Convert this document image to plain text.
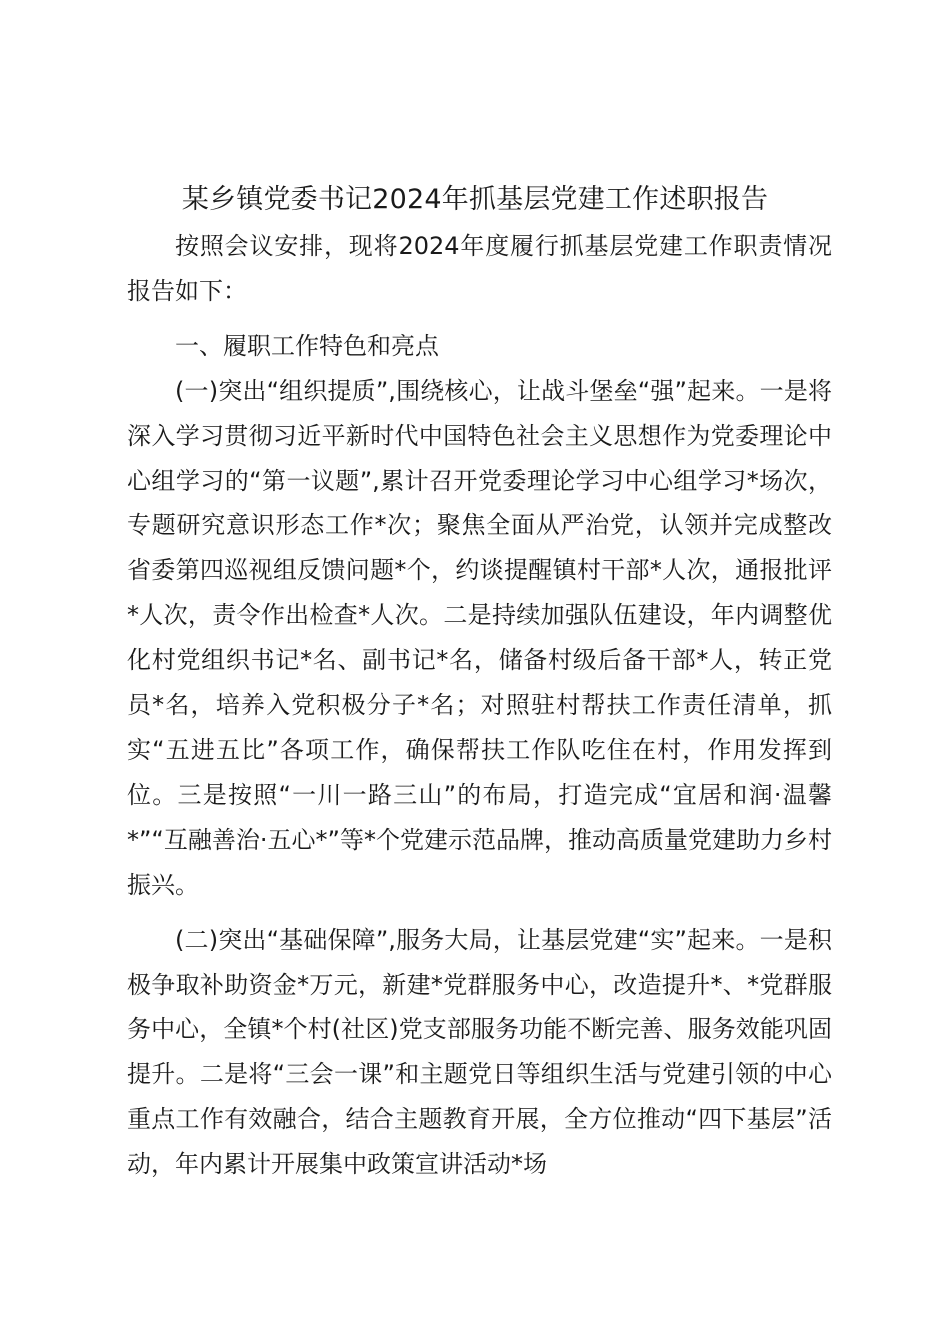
某乡镇党委书记2024年抓基层党建工作述职报告

按照会议安排，现将2024年度履行抓基层党建工作职责情况报告如下：

一、履职工作特色和亮点

(一)突出“组织提质”,围绕核心，让战斗堡垒“强”起来。一是将深入学习贯彻习近平新时代中国特色社会主义思想作为党委理论中心组学习的“第一议题”,累计召开党委理论学习中心组学习*场次，专题研究意识形态工作*次；聚焦全面从严治党，认领并完成整改省委第四巡视组反馈问题*个，约谈提醒镇村干部*人次，通报批评*人次，责令作出检查*人次。二是持续加强队伍建设，年内调整优化村党组织书记*名、副书记*名，储备村级后备干部*人，转正党员*名，培养入党积极分子*名；对照驻村帮扶工作责任清单，抓实“五进五比”各项工作，确保帮扶工作队吃住在村，作用发挥到位。三是按照“一川一路三山”的布局，打造完成“宜居和润·温馨*”“互融善治·五心*”等*个党建示范品牌，推动高质量党建助力乡村振兴。

(二)突出“基础保障”,服务大局，让基层党建“实”起来。一是积极争取补助资金*万元，新建*党群服务中心，改造提升*、*党群服务中心，全镇*个村(社区)党支部服务功能不断完善、服务效能巩固提升。二是将“三会一课”和主题党日等组织生活与党建引领的中心重点工作有效融合，结合主题教育开展，全方位推动“四下基层”活动，年内累计开展集中政策宣讲活动*场
